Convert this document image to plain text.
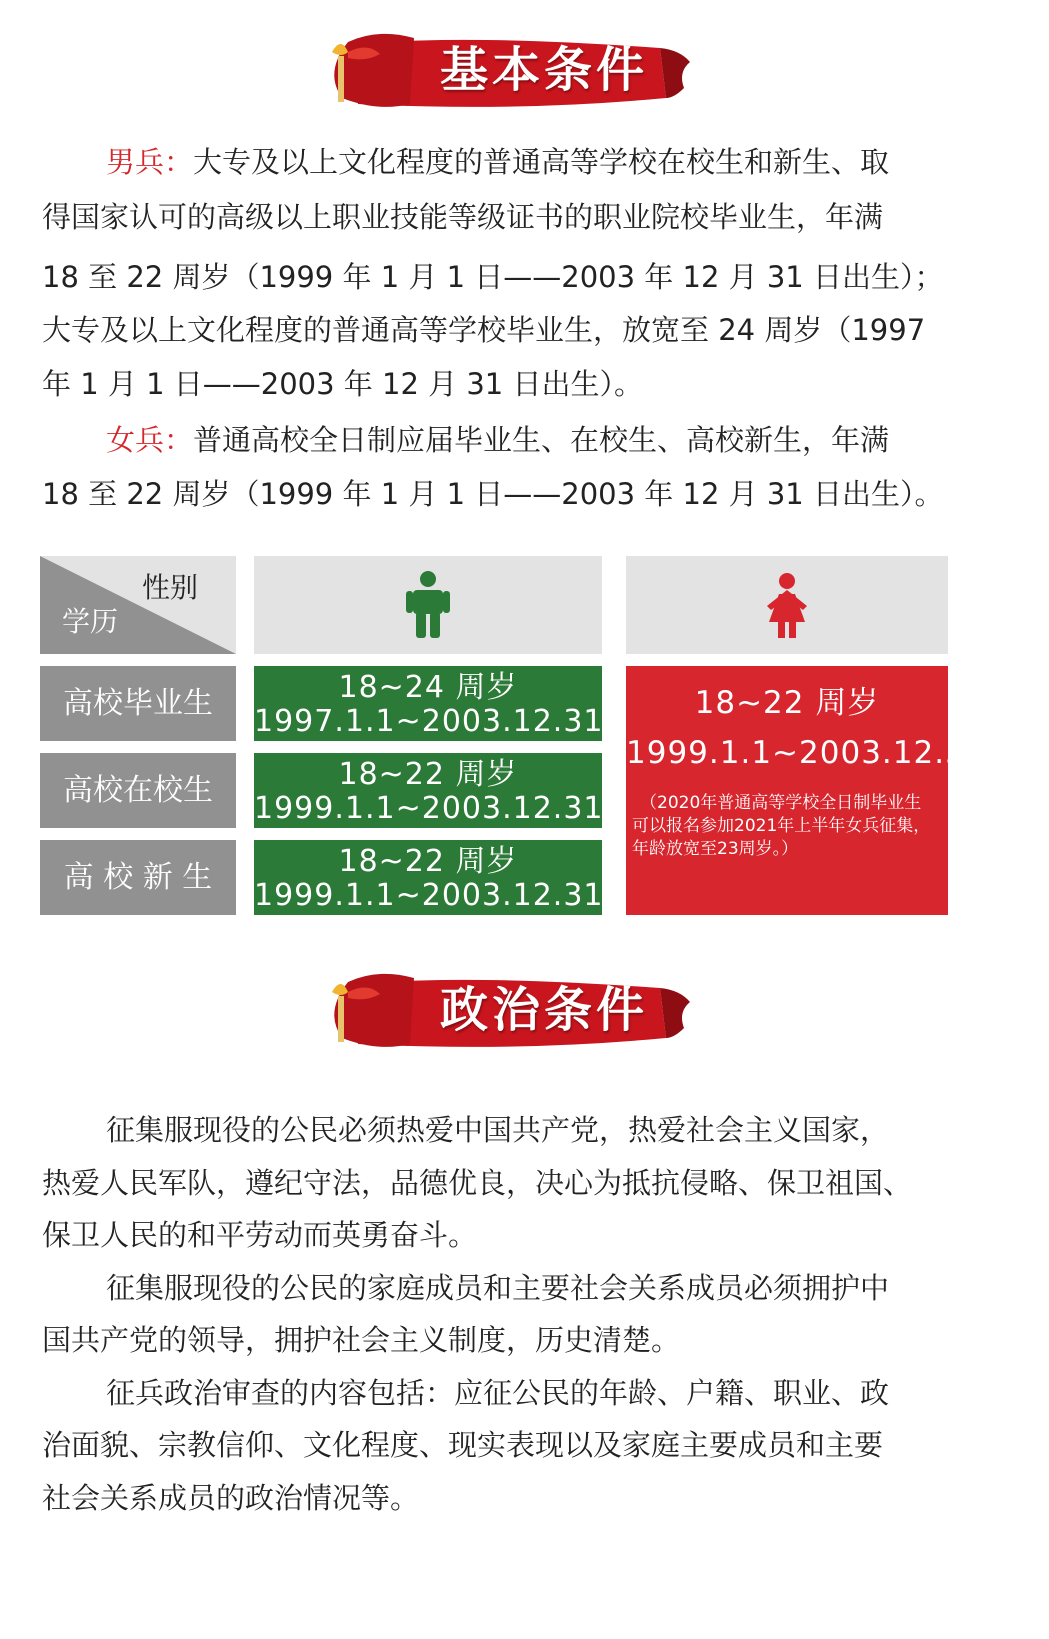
基本条件
男兵：大专及以上文化程度的普通高等学校在校生和新生、取
得国家认可的高级以上职业技能等级证书的职业院校毕业生，年满
18 至 22 周岁（1999 年 1 月 1 日——2003 年 12 月 31 日出生）；
大专及以上文化程度的普通高等学校毕业生，放宽至 24 周岁（1997
年 1 月 1 日——2003 年 12 月 31 日出生）。
女兵：普通高校全日制应届毕业生、在校生、高校新生，年满
18 至 22 周岁（1999 年 1 月 1 日——2003 年 12 月 31 日出生）。
性别
学历
高校毕业生
高校在校生
高 校 新 生
18~24 周岁
1997.1.1~2003.12.31
18~22 周岁
1999.1.1~2003.12.31
18~22 周岁
1999.1.1~2003.12.31
18~22 周岁
1999.1.1~2003.12.31
（2020年普通高等学校全日制毕业生
可以报名参加2021年上半年女兵征集，
年龄放宽至23周岁。）
政治条件
征集服现役的公民必须热爱中国共产党，热爱社会主义国家，
热爱人民军队，遵纪守法，品德优良，决心为抵抗侵略、保卫祖国、
保卫人民的和平劳动而英勇奋斗。
征集服现役的公民的家庭成员和主要社会关系成员必须拥护中
国共产党的领导，拥护社会主义制度，历史清楚。
征兵政治审查的内容包括：应征公民的年龄、户籍、职业、政
治面貌、宗教信仰、文化程度、现实表现以及家庭主要成员和主要
社会关系成员的政治情况等。
